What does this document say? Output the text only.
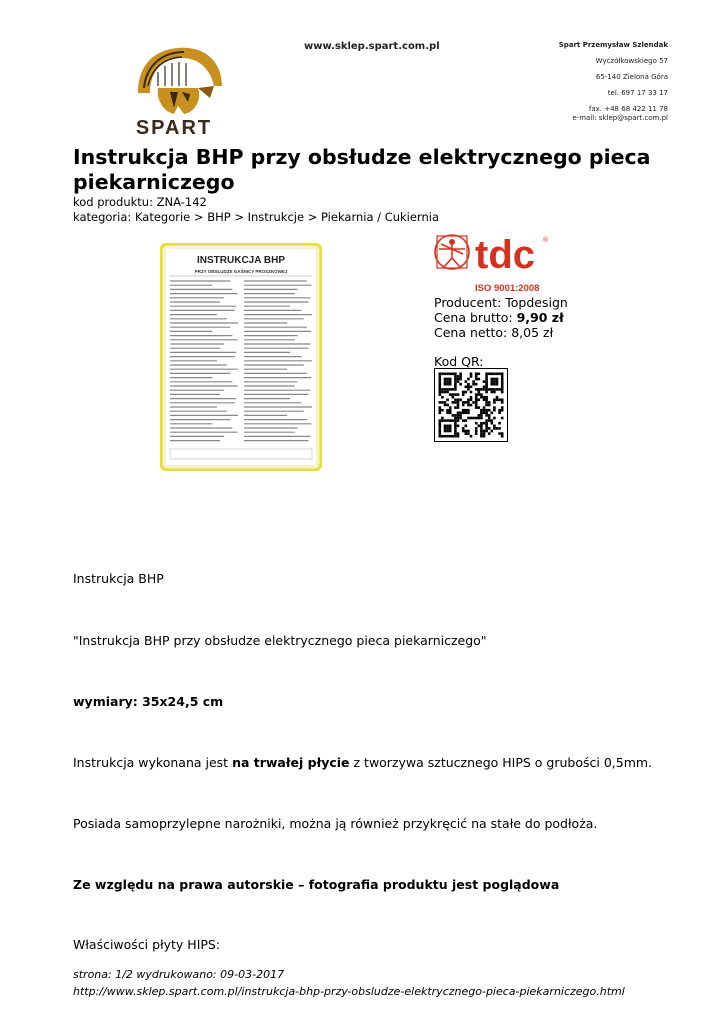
SPART
www.sklep.spart.com.pl	Spart Przemysław Szlendak
Wyczółkowskiego 57
65-140 Zielona Góra
tel. 697 17 33 17
fax. +48 68 422 11 78
e-mail: sklep@spart.com.pl
Instrukcja BHP przy obsłudze elektrycznego pieca piekarniczego
kod produktu: ZNA-142
kategoria: Kategorie > BHP > Instrukcje > Piekarnia / Cukiernia
INSTRUKCJA BHP
PRZY OBSŁUDZE GAŚNICY PROSZKOWEJ	tdc ®
ISO 9001:2008
Producent: Topdesign
Cena brutto: 9,90 zł
Cena netto: 8,05 zł
Kod QR:
Instrukcja BHP
"Instrukcja BHP przy obsłudze elektrycznego pieca piekarniczego"
wymiary: 35x24,5 cm
Instrukcja wykonana jest na trwałej płycie z tworzywa sztucznego HIPS o grubości 0,5mm.
Posiada samoprzylepne narożniki, można ją również przykręcić na stałe do podłoża.
Ze względu na prawa autorskie – fotografia produktu jest poglądowa
Właściwości płyty HIPS:
strona: 1/2 wydrukowano: 09-03-2017
http://www.sklep.spart.com.pl/instrukcja-bhp-przy-obsludze-elektrycznego-pieca-piekarniczego.html
